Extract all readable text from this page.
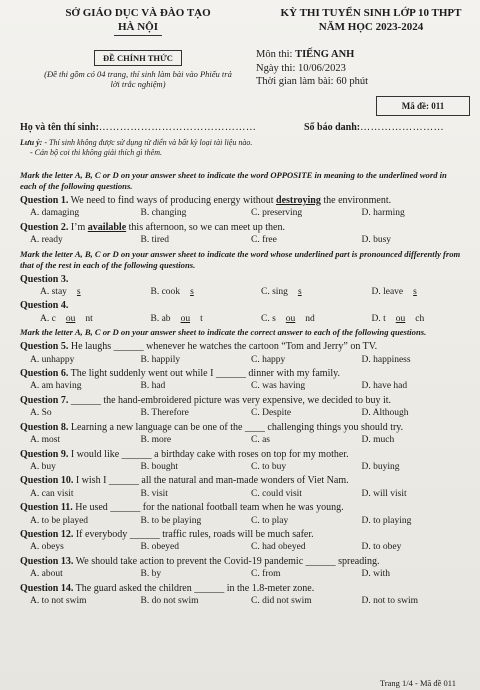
SỞ GIÁO DỤC VÀ ĐÀO TẠO
HÀ NỘI
ĐỀ CHÍNH THỨC
(Đề thi gồm có 04 trang, thí sinh làm bài vào Phiếu trả lời trắc nghiệm)
KỲ THI TUYỂN SINH LỚP 10 THPT
NĂM HỌC 2023-2024
Môn thi: TIẾNG ANH
Ngày thi: 10/06/2023
Thời gian làm bài: 60 phút
Mã đề: 011
Họ và tên thí sinh:………………………………………	Số báo danh:……………………
Lưu ý: - Thí sinh không được sử dụng từ điển và bất kỳ loại tài liệu nào.
- Cán bộ coi thi không giải thích gì thêm.
Mark the letter A, B, C or D on your answer sheet to indicate the word OPPOSITE in meaning to the underlined word in each of the following questions.
Question 1. We need to find ways of producing energy without destroying the environment.
A. damaging	B. changing	C. preserving	D. harming
Question 2. I’m available this afternoon, so we can meet up then.
A. ready	B. tired	C. free	D. busy
Mark the letter A, B, C or D on your answer sheet to indicate the word whose underlined part is pronounced differently from that of the rest in each of the following questions.
Question 3.
A. stay s	B. cook s	C. sing s	D. leave s
Question 4.
A. c ou nt	B. ab ou t	C. s ou nd	D. t ou ch
Mark the letter A, B, C or D on your answer sheet to indicate the correct answer to each of the following questions.
Question 5. He laughs ______ whenever he watches the cartoon “Tom and Jerry” on TV.
A. unhappy	B. happily	C. happy	D. happiness
Question 6. The light suddenly went out while I ______ dinner with my family.
A. am having	B. had	C. was having	D. have had
Question 7. ______ the hand-embroidered picture was very expensive, we decided to buy it.
A. So	B. Therefore	C. Despite	D. Although
Question 8. Learning a new language can be one of the ____ challenging things you should try.
A. most	B. more	C. as	D. much
Question 9. I would like ______ a birthday cake with roses on top for my mother.
A. buy	B. bought	C. to buy	D. buying
Question 10. I wish I ______ all the natural and man-made wonders of Viet Nam.
A. can visit	B. visit	C. could visit	D. will visit
Question 11. He used ______ for the national football team when he was young.
A. to be played	B. to be playing	C. to play	D. to playing
Question 12. If everybody ______ traffic rules, roads will be much safer.
A. obeys	B. obeyed	C. had obeyed	D. to obey
Question 13. We should take action to prevent the Covid-19 pandemic ______ spreading.
A. about	B. by	C. from	D. with
Question 14. The guard asked the children ______ in the 1.8-meter zone.
A. to not swim	B. do not swim	C. did not swim	D. not to swim
Trang 1/4 - Mã đề 011
